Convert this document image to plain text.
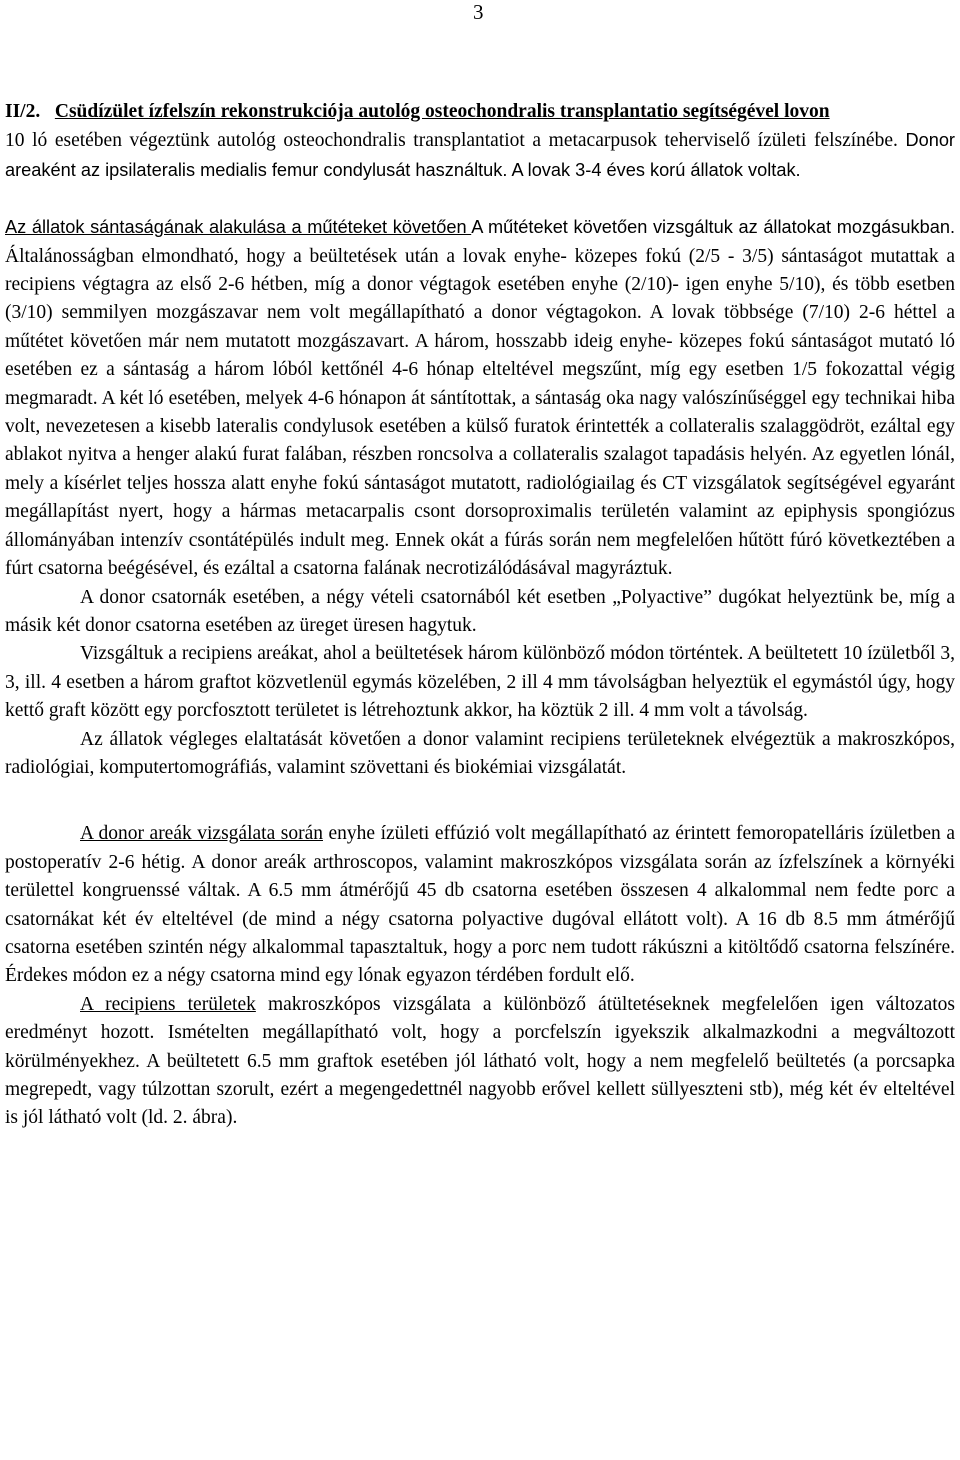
3

II/2. Csüdízület ízfelszín rekonstrukciója autológ osteochondralis transplantatio segítségével lovon

10 ló esetében végeztünk autológ osteochondralis transplantatiot a metacarpusok teherviselő ízületi felszínébe. Donor areaként az ipsilateralis medialis femur condylusát használtuk. A lovak 3-4 éves korú állatok voltak.

Az állatok sántaságának alakulása a műtéteket követően A műtéteket követően vizsgáltuk az állatokat mozgásukban. Általánosságban elmondható, hogy a beültetések után a lovak enyhe- közepes fokú (2/5 - 3/5) sántaságot mutattak a recipiens végtagra az első 2-6 hétben, míg a donor végtagok esetében enyhe (2/10)- igen enyhe 5/10), és több esetben (3/10) semmilyen mozgászavar nem volt megállapítható a donor végtagokon. A lovak többsége (7/10) 2-6 héttel a műtétet követően már nem mutatott mozgászavart. A három, hosszabb ideig enyhe- közepes fokú sántaságot mutató ló esetében ez a sántaság a három lóból kettőnél 4-6 hónap elteltével megszűnt, míg egy esetben 1/5 fokozattal végig megmaradt. A két ló esetében, melyek 4-6 hónapon át sántítottak, a sántaság oka nagy valószínűséggel egy technikai hiba volt, nevezetesen a kisebb lateralis condylusok esetében a külső furatok érintették a collateralis szalaggödröt, ezáltal egy ablakot nyitva a henger alakú furat falában, részben roncsolva a collateralis szalagot tapadásis helyén. Az egyetlen lónál, mely a kísérlet teljes hossza alatt enyhe fokú sántaságot mutatott, radiológiailag és CT vizsgálatok segítségével egyaránt megállapítást nyert, hogy a hármas metacarpalis csont dorsoproximalis területén valamint az epiphysis spongiózus állományában intenzív csontátépülés indult meg. Ennek okát a fúrás során nem megfelelően hűtött fúró következtében a fúrt csatorna beégésével, és ezáltal a csatorna falának necrotizálódásával magyráztuk.

A donor csatornák esetében, a négy vételi csatornából két esetben „Polyactive” dugókat helyeztünk be, míg a másik két donor csatorna esetében az üreget üresen hagytuk.

Vizsgáltuk a recipiens areákat, ahol a beültetések három különböző módon történtek. A beültetett 10 ízületből 3, 3, ill. 4 esetben a három graftot közvetlenül egymás közelében, 2 ill 4 mm távolságban helyeztük el egymástól úgy, hogy kettő graft között egy porcfosztott területet is létrehoztunk akkor, ha köztük 2 ill. 4 mm volt a távolság.

Az állatok végleges elaltatását követően a donor valamint recipiens területeknek elvégeztük a makroszkópos, radiológiai, komputertomográfiás, valamint szövettani és biokémiai vizsgálatát.

A donor areák vizsgálata során enyhe ízületi effúzió volt megállapítható az érintett femoropatelláris ízületben a postoperatív 2-6 hétig. A donor areák arthroscopos, valamint makroszkópos vizsgálata során az ízfelszínek a környéki területtel kongruenssé váltak. A 6.5 mm átmérőjű 45 db csatorna esetében összesen 4 alkalommal nem fedte porc a csatornákat két év elteltével (de mind a négy csatorna polyactive dugóval ellátott volt). A 16 db 8.5 mm átmérőjű csatorna esetében szintén négy alkalommal tapasztaltuk, hogy a porc nem tudott rákúszni a kitöltődő csatorna felszínére. Érdekes módon ez a négy csatorna mind egy lónak egyazon térdében fordult elő.

A recipiens területek makroszkópos vizsgálata a különböző átültetéseknek megfelelően igen változatos eredményt hozott. Ismételten megállapítható volt, hogy a porcfelszín igyekszik alkalmazkodni a megváltozott körülményekhez. A beültetett 6.5 mm graftok esetében jól látható volt, hogy a nem megfelelő beültetés (a porcsapka megrepedt, vagy túlzottan szorult, ezért a megengedettnél nagyobb erővel kellett süllyeszteni stb), még két év elteltével is jól látható volt (ld. 2. ábra).
